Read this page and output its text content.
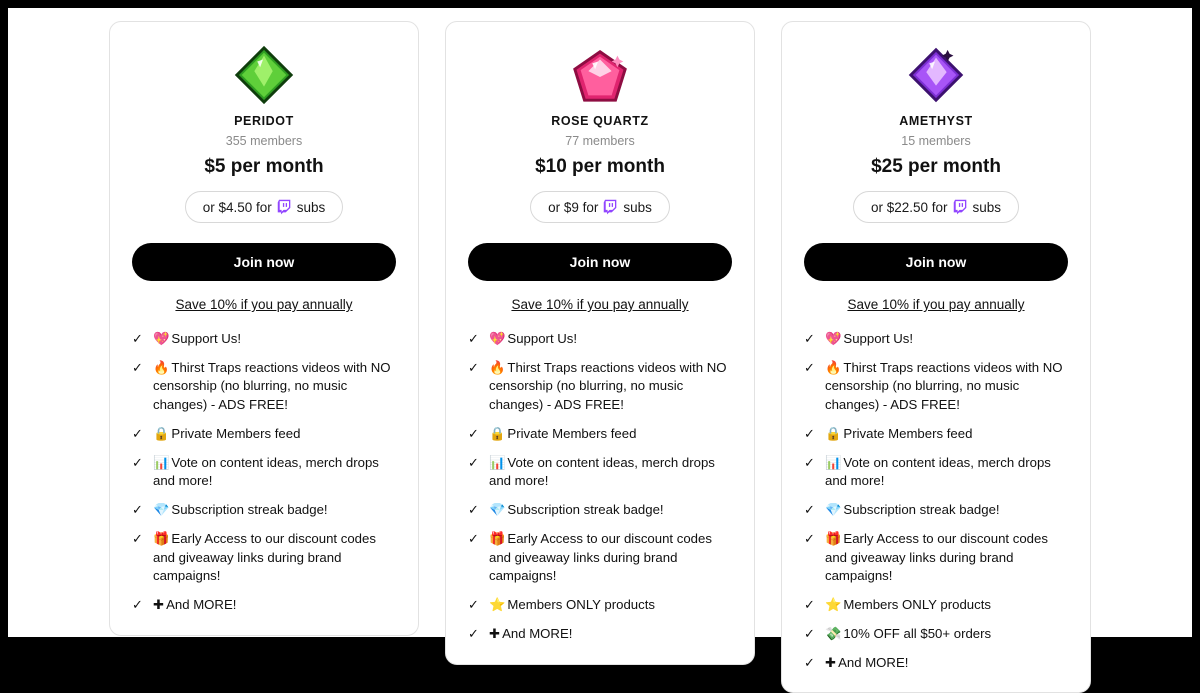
PERIDOT
355 members
$5 per month
or $4.50 for subs
Join now
Save 10% if you pay annually
✓ 💖 Support Us!
✓ 🔥 Thirst Traps reactions videos with NO censorship (no blurring, no music changes) - ADS FREE!
✓ 🔒 Private Members feed
✓ 📊 Vote on content ideas, merch drops and more!
✓ 💎 Subscription streak badge!
✓ 🎁 Early Access to our discount codes and giveaway links during brand campaigns!
✓ ✚ And MORE!
ROSE QUARTZ
77 members
$10 per month
or $9 for subs
Join now
Save 10% if you pay annually
✓ 💖 Support Us!
✓ 🔥 Thirst Traps reactions videos with NO censorship (no blurring, no music changes) - ADS FREE!
✓ 🔒 Private Members feed
✓ 📊 Vote on content ideas, merch drops and more!
✓ 💎 Subscription streak badge!
✓ 🎁 Early Access to our discount codes and giveaway links during brand campaigns!
✓ ⭐ Members ONLY products
✓ ✚ And MORE!
AMETHYST
15 members
$25 per month
or $22.50 for subs
Join now
Save 10% if you pay annually
✓ 💖 Support Us!
✓ 🔥 Thirst Traps reactions videos with NO censorship (no blurring, no music changes) - ADS FREE!
✓ 🔒 Private Members feed
✓ 📊 Vote on content ideas, merch drops and more!
✓ 💎 Subscription streak badge!
✓ 🎁 Early Access to our discount codes and giveaway links during brand campaigns!
✓ ⭐ Members ONLY products
✓ 💸 10% OFF all $50+ orders
✓ ✚ And MORE!
